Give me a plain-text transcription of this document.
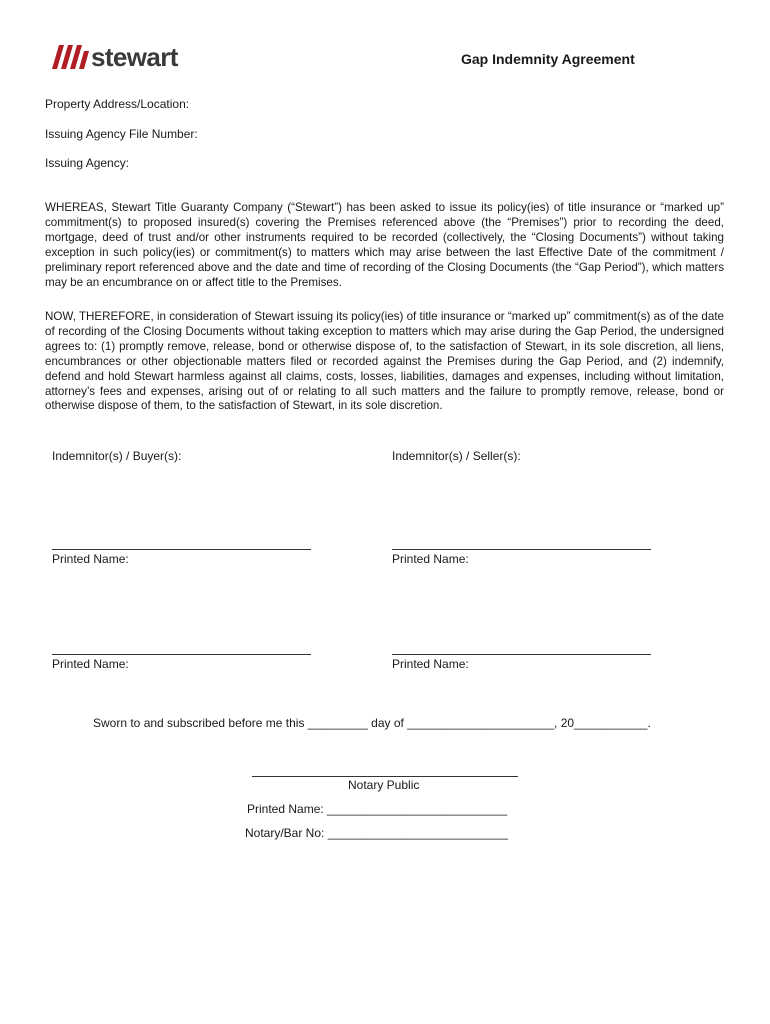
stewart	Gap Indemnity Agreement
Property Address/Location:
Issuing Agency File Number:
Issuing Agency:

WHEREAS, Stewart Title Guaranty Company (“Stewart”) has been asked to issue its policy(ies) of title insurance or “marked up” commitment(s) to proposed insured(s) covering the Premises referenced above (the “Premises”) prior to recording the deed, mortgage, deed of trust and/or other instruments required to be recorded (collectively, the “Closing Documents”) without taking exception in such policy(ies) or commitment(s) to matters which may arise between the last Effective Date of the commitment / preliminary report referenced above and the date and time of recording of the Closing Documents (the “Gap Period”), which matters may be an encumbrance on or affect title to the Premises.

NOW, THEREFORE, in consideration of Stewart issuing its policy(ies) of title insurance or “marked up” commitment(s) as of the date of recording of the Closing Documents without taking exception to matters which may arise during the Gap Period, the undersigned agrees to: (1) promptly remove, release, bond or otherwise dispose of, to the satisfaction of Stewart, in its sole discretion, all liens, encumbrances or other objectionable matters filed or recorded against the Premises during the Gap Period, and (2) indemnify, defend and hold Stewart harmless against all claims, costs, losses, liabilities, damages and expenses, including without limitation, attorney’s fees and expenses, arising out of or relating to all such matters and the failure to promptly remove, release, bond or otherwise dispose of them, to the satisfaction of Stewart, in its sole discretion.

Indemnitor(s) / Buyer(s):	Indemnitor(s) / Seller(s):
Printed Name:	Printed Name:
Printed Name:	Printed Name:
Sworn to and subscribed before me this _________ day of ______________________, 20___________.
Notary Public
Printed Name: ___________________________
Notary/Bar No: ___________________________
